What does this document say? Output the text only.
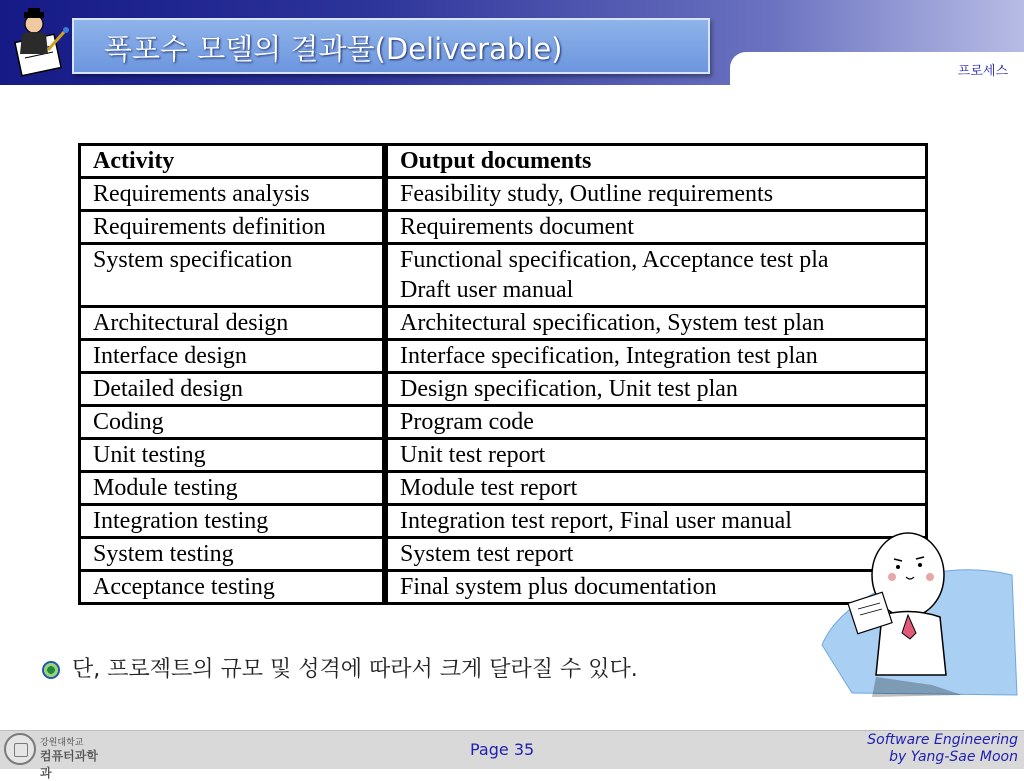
폭포수 모델의 결과물(Deliverable)
프로세스
Activity	Output documents
Requirements analysis	Feasibility study, Outline requirements
Requirements definition	Requirements document
System specification	Functional specification, Acceptance test pla
Draft user manual
Architectural design	Architectural specification, System test plan
Interface design	Interface specification, Integration test plan
Detailed design	Design specification, Unit test plan
Coding	Program code
Unit testing	Unit test report
Module testing	Module test report
Integration testing	Integration test report, Final user manual
System testing	System test report
Acceptance testing	Final system plus documentation
단, 프로젝트의 규모 및 성격에 따라서 크게 달라질 수 있다.
강원대학교
컴퓨터과학과
Page 35	Software Engineering
by Yang-Sae Moon
